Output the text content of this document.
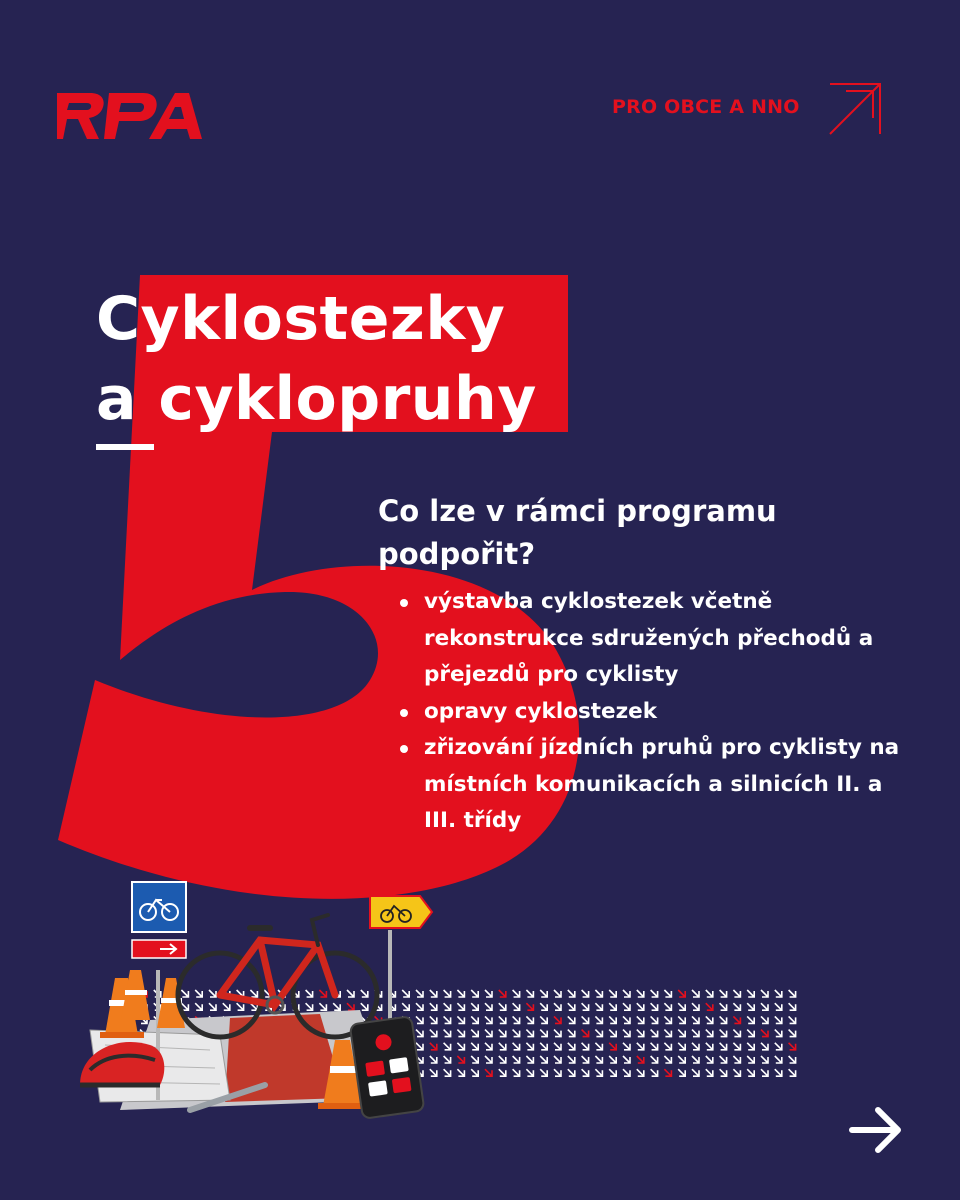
PRO OBCE A NNO
Cyklostezky
a cyklopruhy
Co lze v rámci programu podpořit?
výstavba cyklostezek včetně rekonstrukce sdružených přechodů a přejezdů pro cyklisty
opravy cyklostezek
zřizování jízdních pruhů pro cyklisty na místních komunikacích a silnicích II. a III. třídy
